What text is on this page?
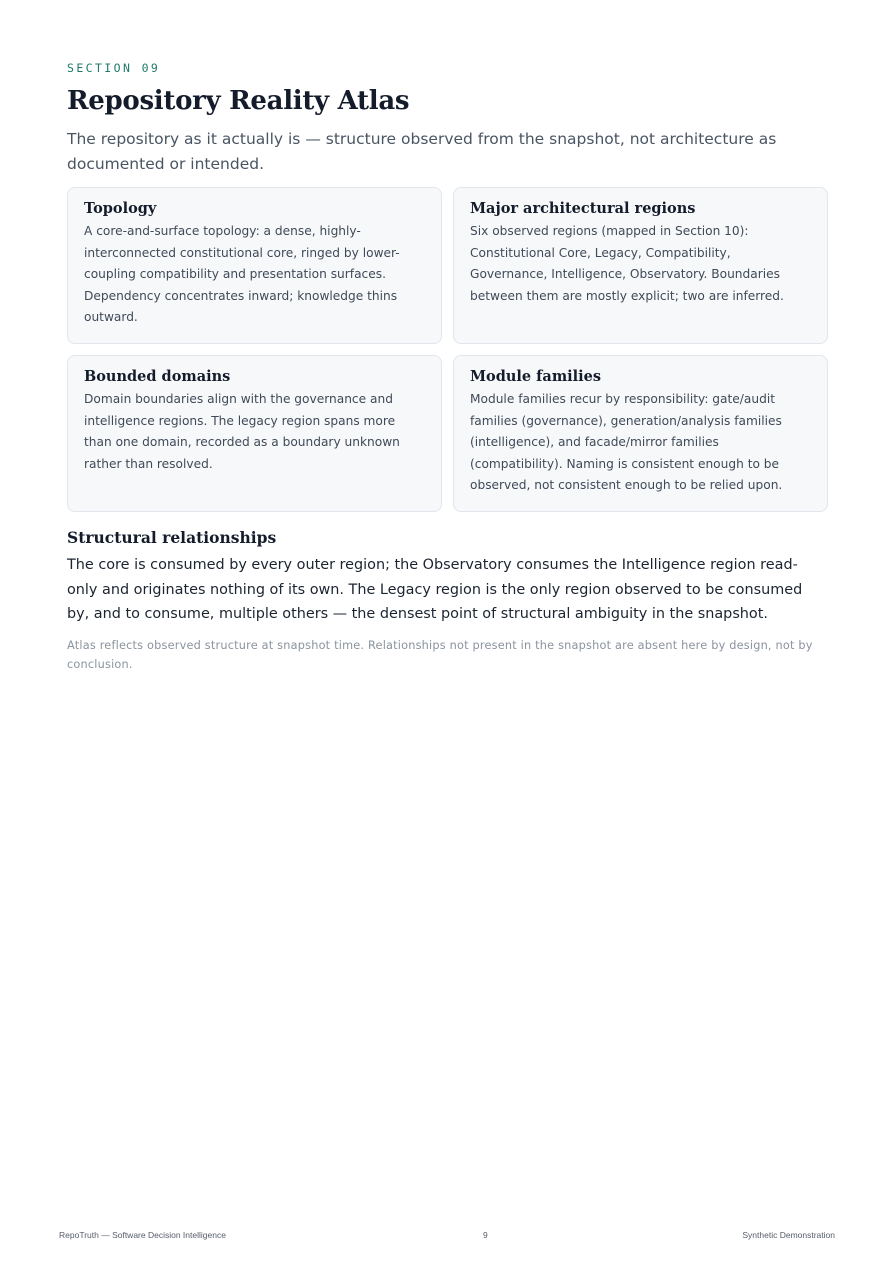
SECTION 09
Repository Reality Atlas

The repository as it actually is — structure observed from the snapshot, not architecture as documented or intended.

Topology

A core-and-surface topology: a dense, highly-interconnected constitutional core, ringed by lower-coupling compatibility and presentation surfaces. Dependency concentrates inward; knowledge thins outward.

Major architectural regions

Six observed regions (mapped in Section 10): Constitutional Core, Legacy, Compatibility, Governance, Intelligence, Observatory. Boundaries between them are mostly explicit; two are inferred.

Bounded domains

Domain boundaries align with the governance and intelligence regions. The legacy region spans more than one domain, recorded as a boundary unknown rather than resolved.

Module families

Module families recur by responsibility: gate/audit families (governance), generation/analysis families (intelligence), and facade/mirror families (compatibility). Naming is consistent enough to be observed, not consistent enough to be relied upon.

Structural relationships

The core is consumed by every outer region; the Observatory consumes the Intelligence region read-only and originates nothing of its own. The Legacy region is the only region observed to be consumed by, and to consume, multiple others — the densest point of structural ambiguity in the snapshot.

Atlas reflects observed structure at snapshot time. Relationships not present in the snapshot are absent here by design, not by conclusion.

RepoTruth — Software Decision Intelligence	9	Synthetic Demonstration
